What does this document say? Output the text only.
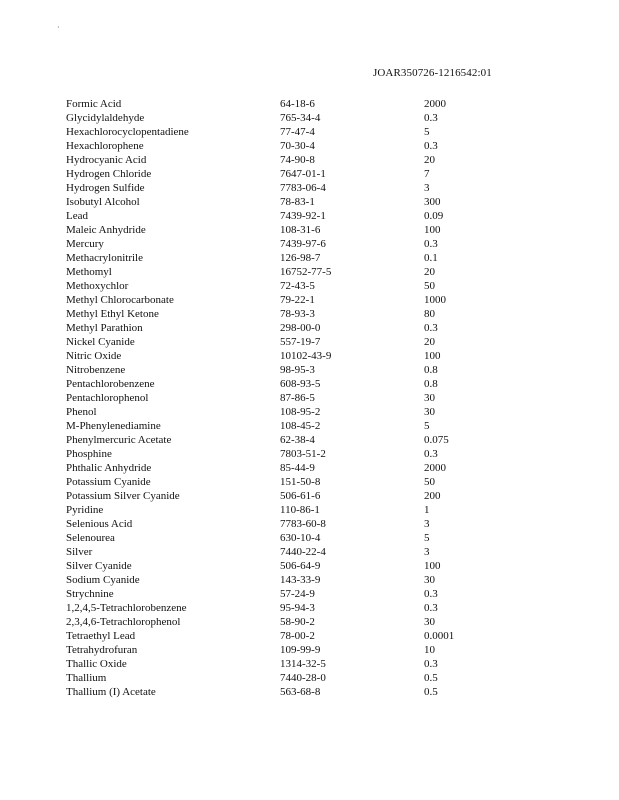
·
JOAR350726-1216542:01
Formic Acid	64-18-6	2000
Glycidylaldehyde	765-34-4	0.3
Hexachlorocyclopentadiene	77-47-4	5
Hexachlorophene	70-30-4	0.3
Hydrocyanic Acid	74-90-8	20
Hydrogen Chloride	7647-01-1	7
Hydrogen Sulfide	7783-06-4	3
Isobutyl Alcohol	78-83-1	300
Lead	7439-92-1	0.09
Maleic Anhydride	108-31-6	100
Mercury	7439-97-6	0.3
Methacrylonitrile	126-98-7	0.1
Methomyl	16752-77-5	20
Methoxychlor	72-43-5	50
Methyl Chlorocarbonate	79-22-1	1000
Methyl Ethyl Ketone	78-93-3	80
Methyl Parathion	298-00-0	0.3
Nickel Cyanide	557-19-7	20
Nitric Oxide	10102-43-9	100
Nitrobenzene	98-95-3	0.8
Pentachlorobenzene	608-93-5	0.8
Pentachlorophenol	87-86-5	30
Phenol	108-95-2	30
M-Phenylenediamine	108-45-2	5
Phenylmercuric Acetate	62-38-4	0.075
Phosphine	7803-51-2	0.3
Phthalic Anhydride	85-44-9	2000
Potassium Cyanide	151-50-8	50
Potassium Silver Cyanide	506-61-6	200
Pyridine	110-86-1	1
Selenious Acid	7783-60-8	3
Selenourea	630-10-4	5
Silver	7440-22-4	3
Silver Cyanide	506-64-9	100
Sodium Cyanide	143-33-9	30
Strychnine	57-24-9	0.3
1,2,4,5-Tetrachlorobenzene	95-94-3	0.3
2,3,4,6-Tetrachlorophenol	58-90-2	30
Tetraethyl Lead	78-00-2	0.0001
Tetrahydrofuran	109-99-9	10
Thallic Oxide	1314-32-5	0.3
Thallium	7440-28-0	0.5
Thallium (I) Acetate	563-68-8	0.5
